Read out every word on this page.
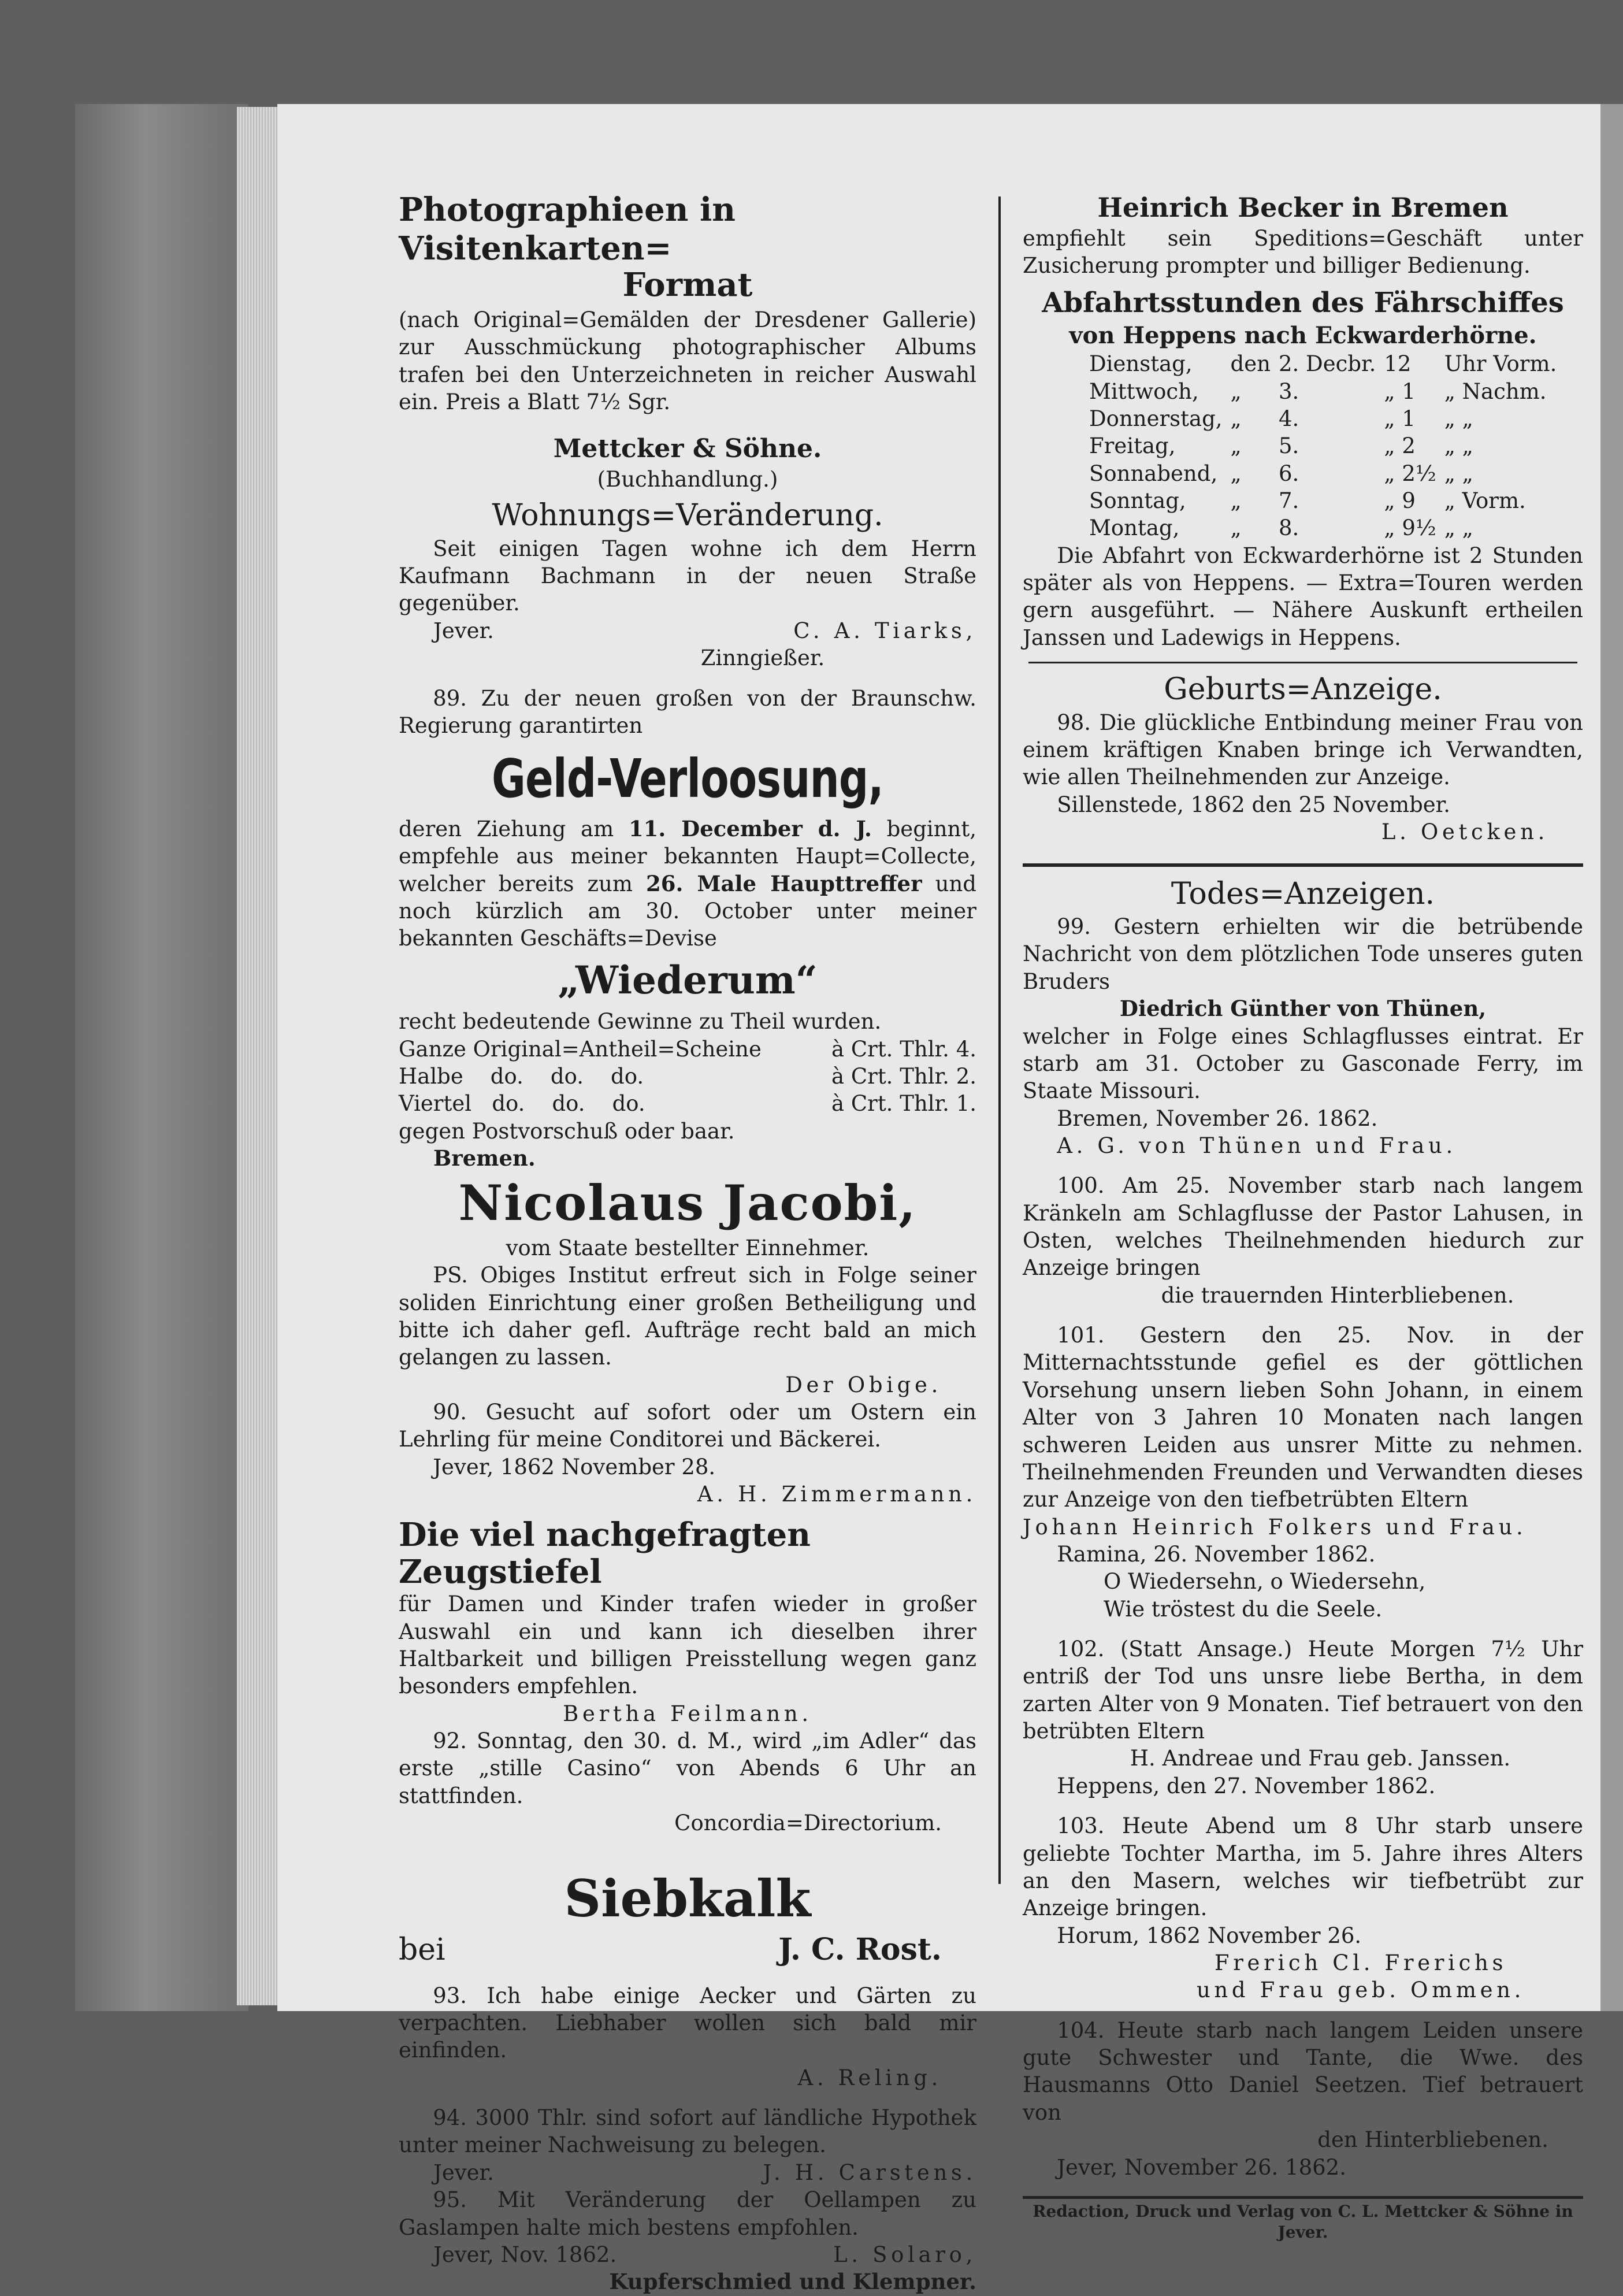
Photographieen in Visitenkarten=
Format

(nach Original=Gemälden der Dresdener Gallerie) zur Ausschmückung photographischer Albums trafen bei den Unterzeichneten in reicher Auswahl ein. Preis a Blatt 7½ Sgr.

Mettcker & Söhne.

(Buchhandlung.)

Wohnungs=Veränderung.

Seit einigen Tagen wohne ich dem Herrn Kaufmann Bachmann in der neuen Straße gegenüber.

Jever.	C. A. Tiarks,

Zinngießer.

89. Zu der neuen großen von der Braunschw. Regierung garantirten

Geld-Verloosung,

deren Ziehung am 11. December d. J. beginnt, empfehle aus meiner bekannten Haupt=Collecte, welcher bereits zum 26. Male Haupttreffer und noch kürzlich am 30. October unter meiner bekannten Geschäfts=Devise

„Wiederum“

recht bedeutende Gewinne zu Theil wurden.

Ganze Original=Antheil=Scheine	à Crt. Thlr. 4.
Halbe    do.    do.    do.	à Crt. Thlr. 2.
Viertel   do.    do.    do.	à Crt. Thlr. 1.

gegen Postvorschuß oder baar.

Bremen.

Nicolaus Jacobi,

vom Staate bestellter Einnehmer.

PS. Obiges Institut erfreut sich in Folge seiner soliden Einrichtung einer großen Betheiligung und bitte ich daher gefl. Aufträge recht bald an mich gelangen zu lassen.

Der Obige.

90. Gesucht auf sofort oder um Ostern ein Lehrling für meine Conditorei und Bäckerei.

Jever, 1862 November 28.

A. H. Zimmermann.

Die viel nachgefragten Zeugstiefel

für Damen und Kinder trafen wieder in großer Auswahl ein und kann ich dieselben ihrer Haltbarkeit und billigen Preisstellung wegen ganz besonders empfehlen.

Bertha Feilmann.

92. Sonntag, den 30. d. M., wird „im Adler“ das erste „stille Casino“ von Abends 6 Uhr an stattfinden.

Concordia=Directorium.

Siebkalk

bei	J. C. Rost.

93. Ich habe einige Aecker und Gärten zu verpachten. Liebhaber wollen sich bald mir einfinden.

A. Reling.

94. 3000 Thlr. sind sofort auf ländliche Hypothek unter meiner Nachweisung zu belegen.

Jever.	J. H. Carstens.

95. Mit Veränderung der Oellampen zu Gaslampen halte mich bestens empfohlen.

Jever, Nov. 1862.	L. Solaro,

Kupferschmied und Klempner.

Heinrich Becker in Bremen

empfiehlt sein Speditions=Geschäft unter Zusicherung prompter und billiger Bedienung.

Abfahrtsstunden des Fährschiffes
von Heppens nach Eckwarderhörne.
Dienstag,	den	2. Decbr.	12	Uhr Vorm.
Mittwoch,	„	3.	„ 1	„ Nachm.
Donnerstag,	„	4.	„ 1	„ „
Freitag,	„	5.	„ 2	„ „
Sonnabend,	„	6.	„ 2½	„ „
Sonntag,	„	7.	„ 9	„ Vorm.
Montag,	„	8.	„ 9½	„ „

Die Abfahrt von Eckwarderhörne ist 2 Stunden später als von Heppens. — Extra=Touren werden gern ausgeführt. — Nähere Auskunft ertheilen Janssen und Ladewigs in Heppens.

Geburts=Anzeige.

98. Die glückliche Entbindung meiner Frau von einem kräftigen Knaben bringe ich Verwandten, wie allen Theilnehmenden zur Anzeige.

Sillenstede, 1862 den 25 November.

L. Oetcken.

Todes=Anzeigen.

99. Gestern erhielten wir die betrübende Nachricht von dem plötzlichen Tode unseres guten Bruders

Diedrich Günther von Thünen,

welcher in Folge eines Schlagflusses eintrat. Er starb am 31. October zu Gasconade Ferry, im Staate Missouri.

Bremen, November 26. 1862.

A. G. von Thünen und Frau.

100. Am 25. November starb nach langem Kränkeln am Schlagflusse der Pastor Lahusen, in Osten, welches Theilnehmenden hiedurch zur Anzeige bringen

die trauernden Hinterbliebenen.

101. Gestern den 25. Nov. in der Mitternachtsstunde gefiel es der göttlichen Vorsehung unsern lieben Sohn Johann, in einem Alter von 3 Jahren 10 Monaten nach langen schweren Leiden aus unsrer Mitte zu nehmen. Theilnehmenden Freunden und Verwandten dieses zur Anzeige von den tiefbetrübten Eltern

Johann Heinrich Folkers und Frau.

Ramina, 26. November 1862.

O Wiedersehn, o Wiedersehn,

Wie tröstest du die Seele.

102. (Statt Ansage.) Heute Morgen 7½ Uhr entriß der Tod uns unsre liebe Bertha, in dem zarten Alter von 9 Monaten. Tief betrauert von den betrübten Eltern

H. Andreae und Frau geb. Janssen.

Heppens, den 27. November 1862.

103. Heute Abend um 8 Uhr starb unsere geliebte Tochter Martha, im 5. Jahre ihres Alters an den Masern, welches wir tiefbetrübt zur Anzeige bringen.

Horum, 1862 November 26.

Frerich Cl. Frerichs

und Frau geb. Ommen.

104. Heute starb nach langem Leiden unsere gute Schwester und Tante, die Wwe. des Hausmanns Otto Daniel Seetzen. Tief betrauert von

den Hinterbliebenen.

Jever, November 26. 1862.

Redaction, Druck und Verlag von C. L. Mettcker & Söhne in Jever.
